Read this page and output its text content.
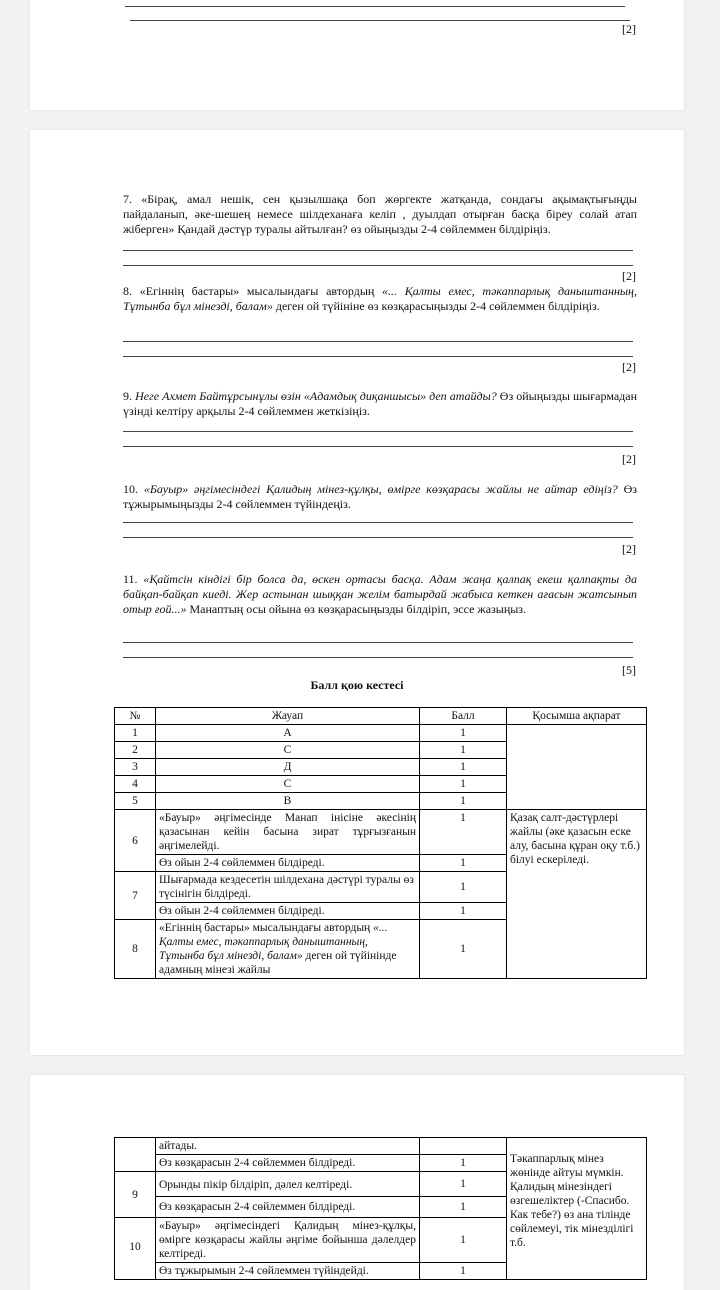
[2]
7. «Бірақ, амал нешік, сен қызылшақа боп жөргекте жатқанда, сондағы ақымақтығыңды пайдаланып, әке-шешең немесе шілдеханаға келіп , дуылдап отырған басқа біреу солай атап жіберген» Қандай дәстүр туралы айтылған? өз ойыңызды 2-4 сөйлеммен білдіріңіз.
[2]
8. «Егіннің бастары» мысалындағы автордың «... Қалты емес, тәкаппарлық даныштанның, Тұтынба бұл мінезді, балам» деген ой түйініне өз көзқарасыңызды 2-4 сөйлеммен білдіріңіз.
[2]
9. Неге Ахмет Байтұрсынұлы өзін «Адамдық диқаншысы» деп атайды? Өз ойыңызды шығармадан үзінді келтіру арқылы 2-4 сөйлеммен жеткізіңіз.
[2]
10. «Бауыр» әңгімесіндегі Қалидың мінез-құлқы, өмірге көзқарасы жайлы не айтар едіңіз? Өз тұжырымыңызды 2-4 сөйлеммен түйіндеңіз.
[2]
11. «Қайтсін кіндігі бір болса да, өскен ортасы басқа. Адам жаңа қалпақ екеш қалпақты да байқап-байқап киеді. Жер астынан шыққан желім батырдай жабыса кеткен ағасын жатсынып отыр ғой...» Манаптың осы ойына өз көзқарасыңызды білдіріп, эссе жазыңыз.
[5]
Балл қою кестесі
№	Жауап	Балл	Қосымша ақпарат
1	A	1	
2	C	1	
3	Д	1	
4	C	1	
5	B	1	
6	«Бауыр» әңгімесінде Манап інісіне әкесінің қазасынан кейін басына зират тұрғызғанын әңгімелейді.	1	Қазақ салт-дәстүрлері жайлы (әке қазасын еске алу, басына құран оқу т.б.) білуі ескеріледі.
	Өз ойын 2-4 сөйлеммен білдіреді.	1	
7	Шығармада кездесетін шілдехана дәстүрі туралы өз түсінігін білдіреді.	1	
	Өз ойын 2-4 сөйлеммен білдіреді.	1	
8	«Егіннің бастары» мысалындағы автордың «... Қалты емес, тәкаппарлық даныштанның, Тұтынба бұл мінезді, балам» деген ой түйінінде адамның мінезі жайлы	1	
	айтады.		Тәкаппарлық мінез жөнінде айтуы мүмкін. Қалидың мінезіндегі өзгешеліктер (-Спасибо. Как тебе?) өз ана тілінде сөйлемеуі, тік мінезділігі т.б.
	Өз көзқарасын 2-4 сөйлеммен білдіреді.	1	
9	Орынды пікір білдіріп, дәлел келтіреді.	1	
	Өз көзқарасын 2-4 сөйлеммен білдіреді.	1	
10	«Бауыр» әңгімесіндегі Қалидың мінез-құлқы, өмірге көзқарасы жайлы әңгіме бойынша дәлелдер келтіреді.	1	
	Өз тұжырымын 2-4 сөйлеммен түйіндейді.	1	
